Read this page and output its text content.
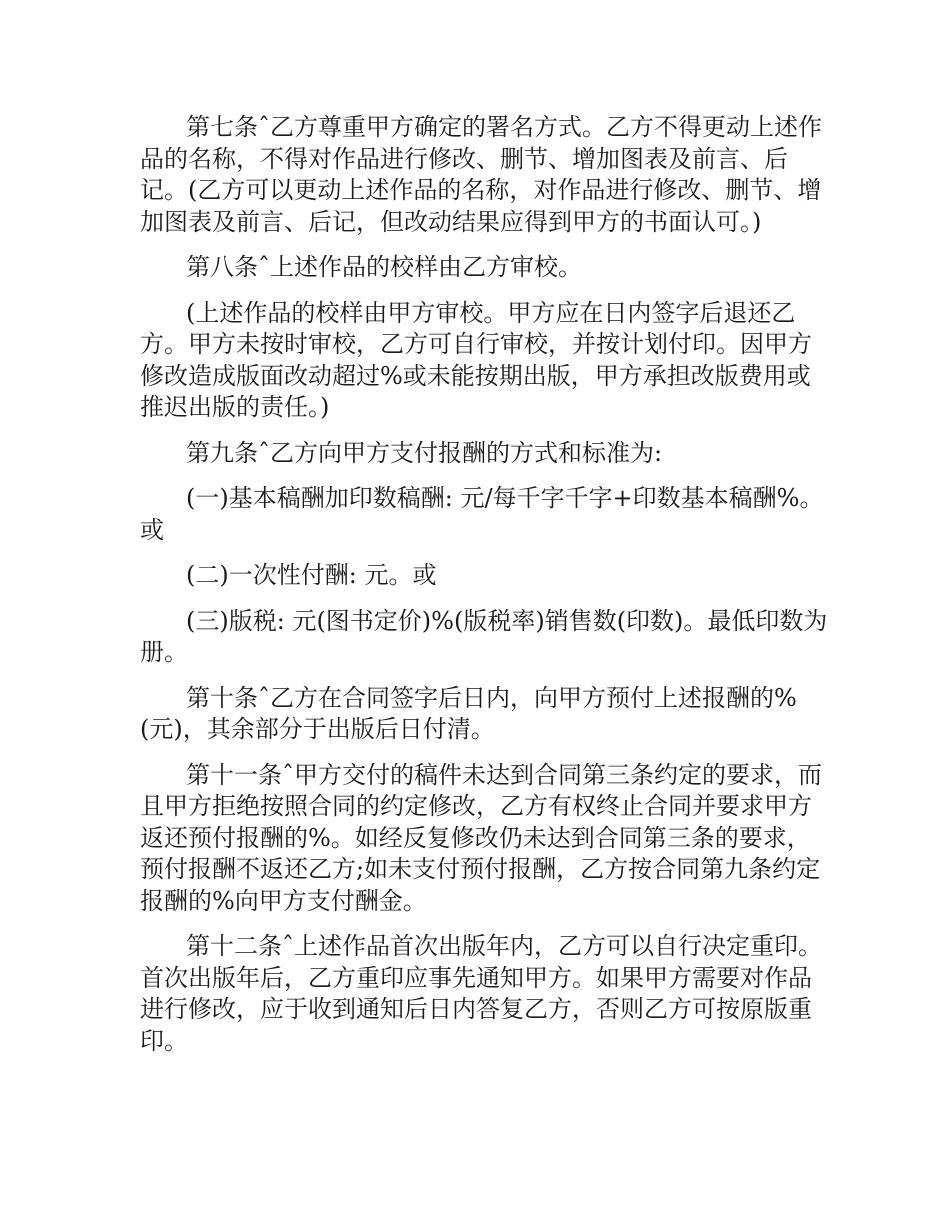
第七条ˆ乙方尊重甲方确定的署名方式。乙方不得更动上述作品的名称，不得对作品进行修改、删节、增加图表及前言、后记。(乙方可以更动上述作品的名称，对作品进行修改、删节、增加图表及前言、后记，但改动结果应得到甲方的书面认可。)

第八条ˆ上述作品的校样由乙方审校。

(上述作品的校样由甲方审校。甲方应在日内签字后退还乙方。甲方未按时审校，乙方可自行审校，并按计划付印。因甲方修改造成版面改动超过%或未能按期出版，甲方承担改版费用或推迟出版的责任。)

第九条ˆ乙方向甲方支付报酬的方式和标准为:

(一)基本稿酬加印数稿酬: 元/每千字千字+印数基本稿酬%。或

(二)一次性付酬: 元。或

(三)版税: 元(图书定价)%(版税率)销售数(印数)。最低印数为册。

第十条ˆ乙方在合同签字后日内，向甲方预付上述报酬的%(元)，其余部分于出版后日付清。

第十一条ˆ甲方交付的稿件未达到合同第三条约定的要求，而且甲方拒绝按照合同的约定修改，乙方有权终止合同并要求甲方返还预付报酬的%。如经反复修改仍未达到合同第三条的要求，预付报酬不返还乙方;如未支付预付报酬，乙方按合同第九条约定报酬的%向甲方支付酬金。

第十二条ˆ上述作品首次出版年内，乙方可以自行决定重印。首次出版年后，乙方重印应事先通知甲方。如果甲方需要对作品进行修改，应于收到通知后日内答复乙方，否则乙方可按原版重印。
